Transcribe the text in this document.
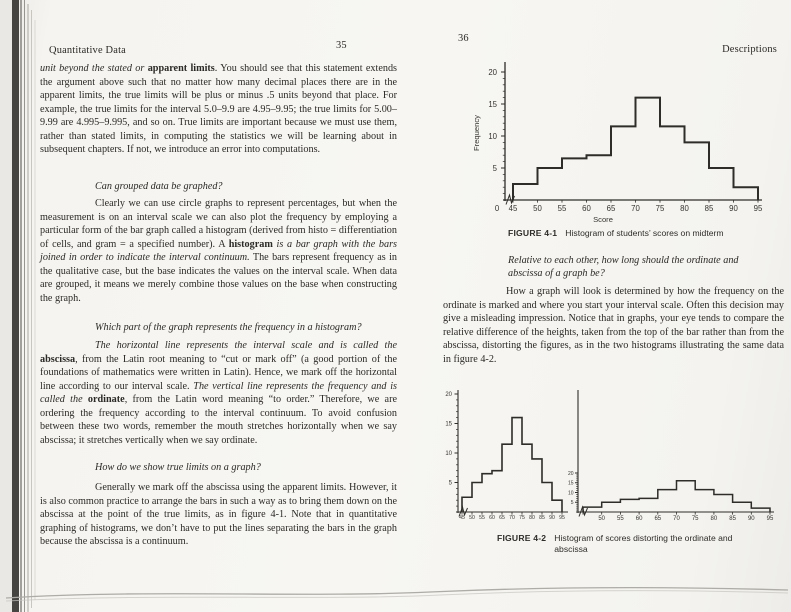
5
10
15
20
45 50 55 60 65 70 75 80 85 90 95
0
Score
Frequency
5
10
15
20
45 50 55 60 65 70 75 80 85 90 95
5
10
15
20
50 55 60 65 70 75 80 85 90 95
Quantitative Data	35

unit beyond the stated or apparent limits. You should see that this statement extends the argument above such that no matter how many decimal places there are in the apparent limits, the true limits will be plus or minus .5 units beyond that place. For example, the true limits for the interval 5.0–9.9 are 4.95–9.95; the true limits for 5.00–9.99 are 4.995–9.995, and so on. True limits are important because we must use them, rather than stated limits, in computing the statistics we will be learning about in subsequent chapters. If not, we introduce an error into computations.

Can grouped data be graphed?

Clearly we can use circle graphs to represent percentages, but when the measurement is on an interval scale we can also plot the frequency by employing a particular form of the bar graph called a histogram (derived from histo = differentiation of cells, and gram = a specified number). A histogram is a bar graph with the bars joined in order to indicate the interval continuum. The bars represent frequency as in the qualitative case, but the base indicates the values on the interval scale. When data are grouped, it means we merely combine those values on the base when constructing the graph.

Which part of the graph represents the frequency in a histogram?

The horizontal line represents the interval scale and is called the abscissa, from the Latin root meaning to “cut or mark off” (a good portion of the foundations of mathematics were written in Latin). Hence, we mark off the horizontal line according to our interval scale. The vertical line represents the frequency and is called the ordinate, from the Latin word meaning “to order.” Therefore, we are ordering the frequency according to the interval continuum. To avoid confusion between these two words, remember the mouth stretches horizontally when we say abscissa; it stretches vertically when we say ordinate.

How do we show true limits on a graph?

Generally we mark off the abscissa using the apparent limits. However, it is also common practice to arrange the bars in such a way as to bring them down on the abscissa at the point of the true limits, as in figure 4-1. Note that in quantitative graphing of histograms, we don’t have to put the lines separating the bars in the graph because the abscissa is a continuum.

36
Descriptions
FIGURE 4-1 Histogram of students’ scores on midterm
Relative to each other, how long should the ordinate and abscissa of a graph be?

How a graph will look is determined by how the frequency on the ordinate is marked and where you start your interval scale. Often this decision may give a misleading impression. Notice that in graphs, your eye tends to compare the relative difference of the heights, taken from the top of the bar rather than from the abscissa, distorting the figures, as in the two histograms illustrating the same data in figure 4-2.

FIGURE 4-2 Histogram of scores distorting the ordinate and abscissa
